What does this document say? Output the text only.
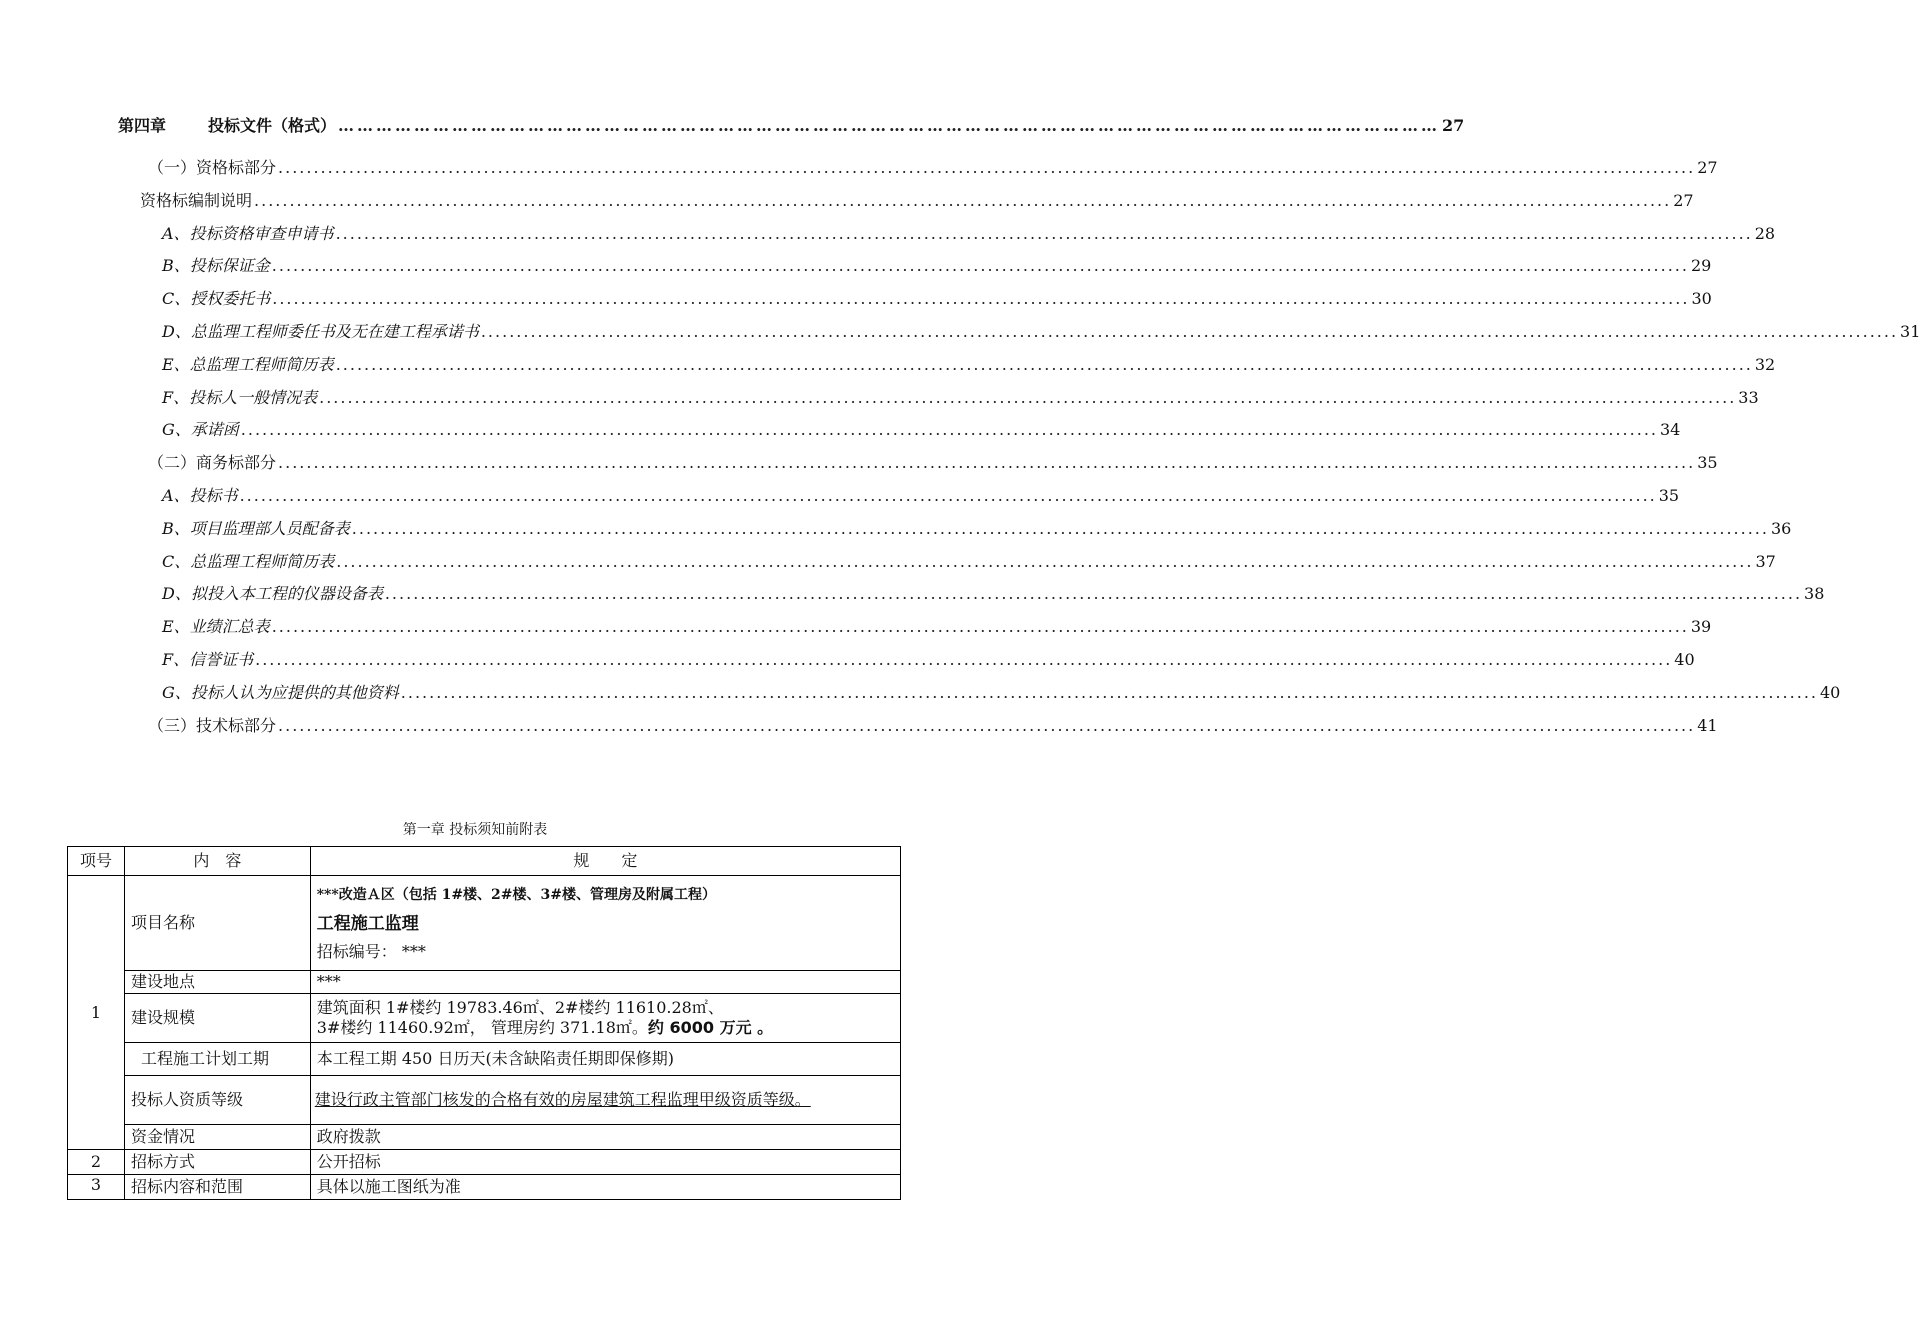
第四章	投标文件（格式） ………………………………………………………………………………………………………………………………………………………… 27
（一）资格标部分 ........................................................................................................................................................................................................ 27
资格标编制说明 ........................................................................................................................................................................................................ 27
A、投标资格审查申请书 ........................................................................................................................................................................................................ 28
B、投标保证金 ........................................................................................................................................................................................................ 29
C、授权委托书 ........................................................................................................................................................................................................ 30
D、总监理工程师委任书及无在建工程承诺书 ........................................................................................................................................................................................................ 31
E、总监理工程师简历表 ........................................................................................................................................................................................................ 32
F、投标人一般情况表 ........................................................................................................................................................................................................ 33
G、承诺函 ........................................................................................................................................................................................................ 34
（二）商务标部分 ........................................................................................................................................................................................................ 35
A、投标书 ........................................................................................................................................................................................................ 35
B、项目监理部人员配备表 ........................................................................................................................................................................................................ 36
C、总监理工程师简历表 ........................................................................................................................................................................................................ 37
D、拟投入本工程的仪器设备表 ........................................................................................................................................................................................................ 38
E、业绩汇总表 ........................................................................................................................................................................................................ 39
F、信誉证书 ........................................................................................................................................................................................................ 40
G、投标人认为应提供的其他资料 ........................................................................................................................................................................................................ 40
（三）技术标部分 ........................................................................................................................................................................................................ 41
第一章 投标须知前附表
项号	内　容	规　　定
1	项目名称	***改造Ａ区（包括 1#楼、2#楼、3#楼、管理房及附属工程）
工程施工监理
招标编号： ***

	建设地点	***
	建设规模	建筑面积 1#楼约 19783.46㎡、2#楼约 11610.28㎡、
3#楼约 11460.92㎡， 管理房约 371.18㎡。约 6000 万元 。

	工程施工计划工期	本工程工期 450 日历天(未含缺陷责任期即保修期)
	投标人资质等级	建设行政主管部门核发的合格有效的房屋建筑工程监理甲级资质等级。
	资金情况	政府拨款
2	招标方式	公开招标
3	招标内容和范围	具体以施工图纸为准
